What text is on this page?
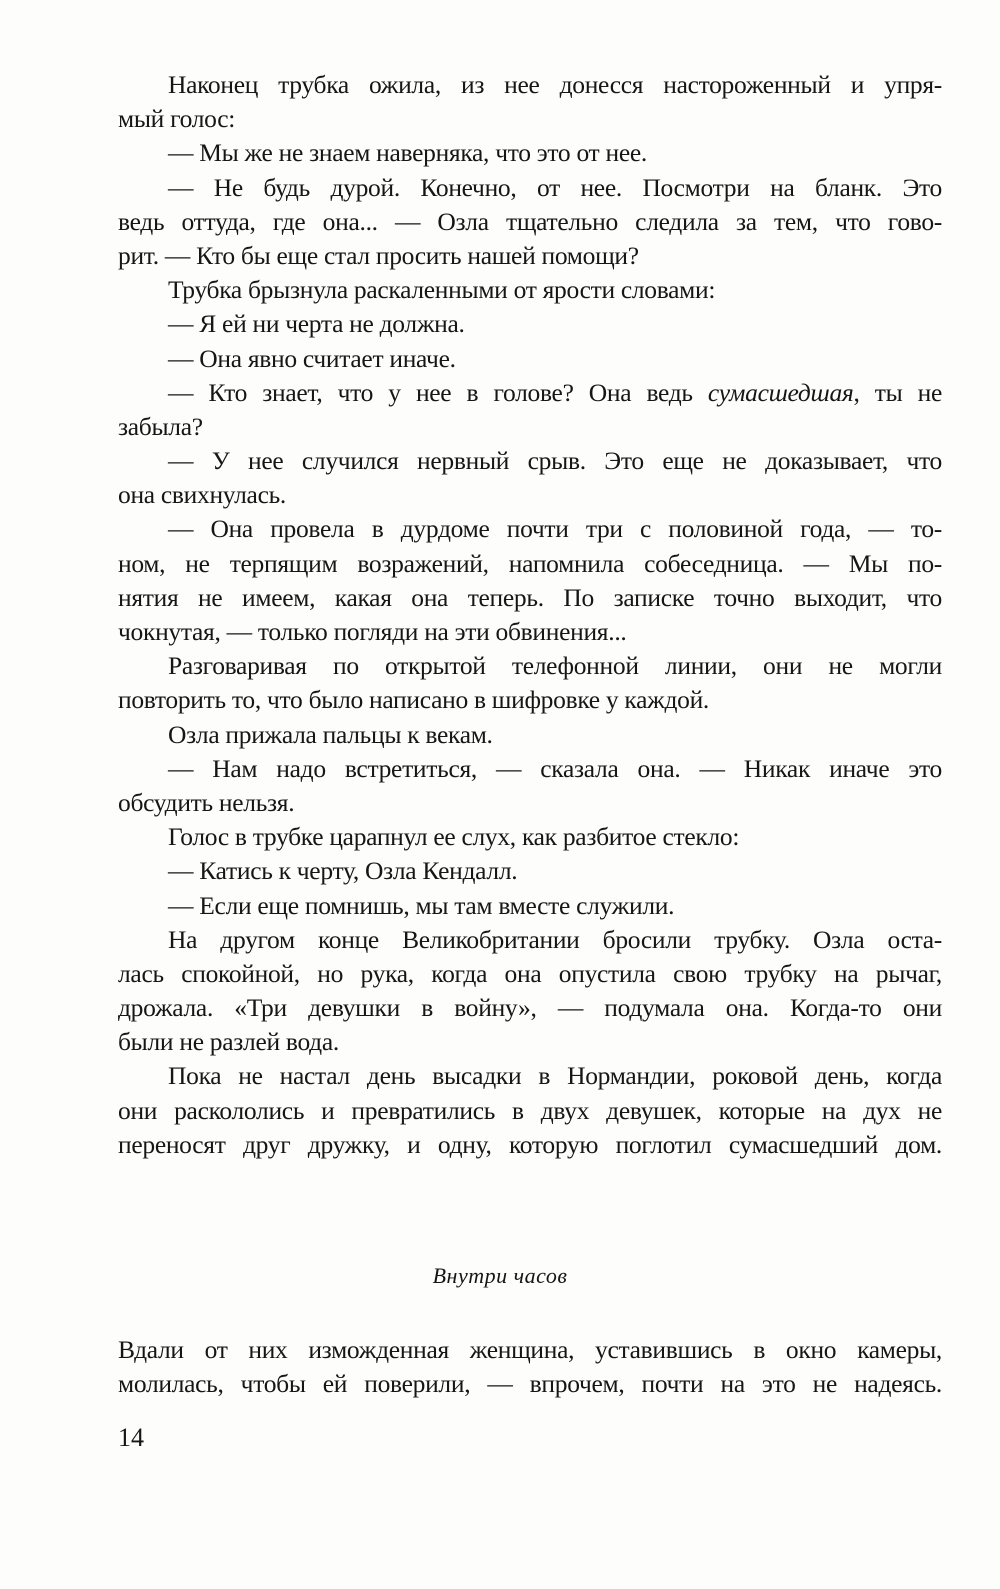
Наконец трубка ожила, из нее донесся настороженный и упря-
мый голос:
— Мы же не знаем наверняка, что это от нее.
— Не будь дурой. Конечно, от нее. Посмотри на бланк. Это
ведь оттуда, где она... — Озла тщательно следила за тем, что гово-
рит. — Кто бы еще стал просить нашей помощи?
Трубка брызнула раскаленными от ярости словами:
— Я ей ни черта не должна.
— Она явно считает иначе.
— Кто знает, что у нее в голове? Она ведь сумасшедшая, ты не
забыла?
— У нее случился нервный срыв. Это еще не доказывает, что
она свихнулась.
— Она провела в дурдоме почти три с половиной года, — то-
ном, не терпящим возражений, напомнила собеседница. — Мы по-
нятия не имеем, какая она теперь. По записке точно выходит, что
чокнутая, — только погляди на эти обвинения...
Разговаривая по открытой телефонной линии, они не могли
повторить то, что было написано в шифровке у каждой.
Озла прижала пальцы к векам.
— Нам надо встретиться, — сказала она. — Никак иначе это
обсудить нельзя.
Голос в трубке царапнул ее слух, как разбитое стекло:
— Катись к черту, Озла Кендалл.
— Если еще помнишь, мы там вместе служили.
На другом конце Великобритании бросили трубку. Озла оста-
лась спокойной, но рука, когда она опустила свою трубку на рычаг,
дрожала. «Три девушки в войну», — подумала она. Когда-то они
были не разлей вода.
Пока не настал день высадки в Нормандии, роковой день, когда
они раскололись и превратились в двух девушек, которые на дух не
переносят друг дружку, и одну, которую поглотил сумасшедший дом.
Внутри часов
Вдали от них изможденная женщина, уставившись в окно камеры,
молилась, чтобы ей поверили, — впрочем, почти на это не надеясь.
14
